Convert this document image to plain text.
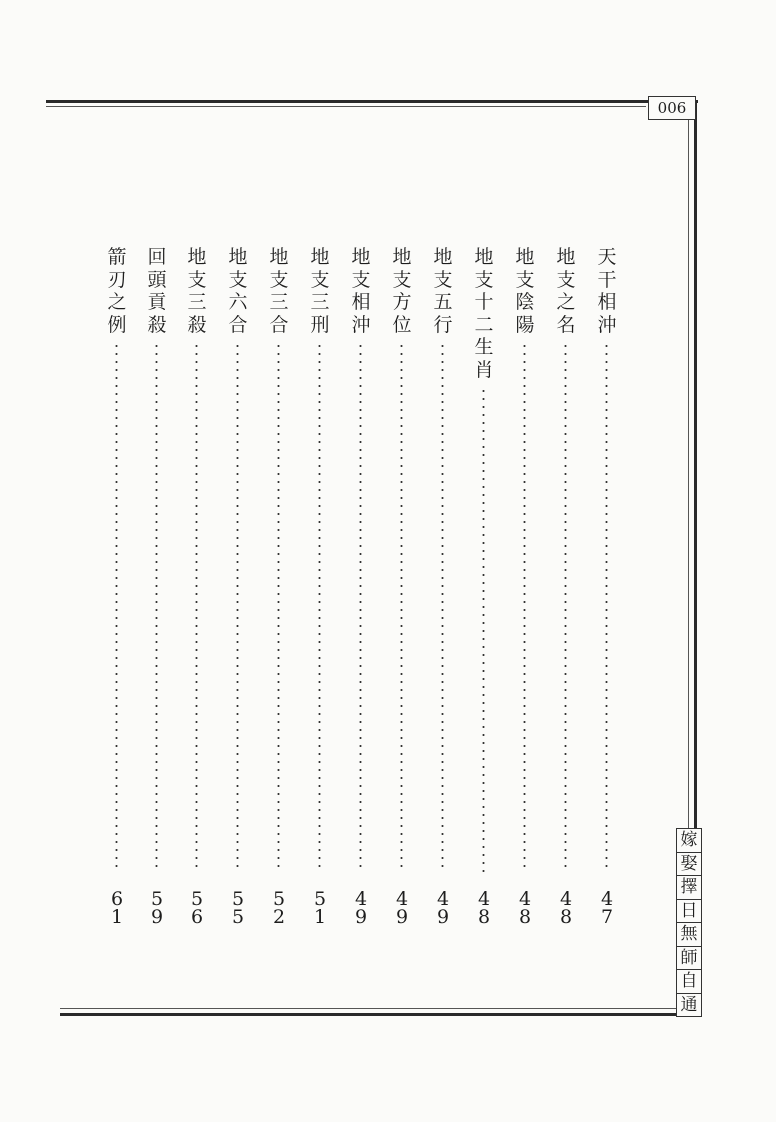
006
嫁
娶
擇
日
無
師
自
通
天
干
相
沖
4
7
地
支
之
名
4
8
地
支
陰
陽
4
8
地
支
十
二
生
肖
4
8
地
支
五
行
4
9
地
支
方
位
4
9
地
支
相
沖
4
9
地
支
三
刑
5
1
地
支
三
合
5
2
地
支
六
合
5
5
地
支
三
殺
5
6
回
頭
貢
殺
5
9
箭
刃
之
例
6
1
